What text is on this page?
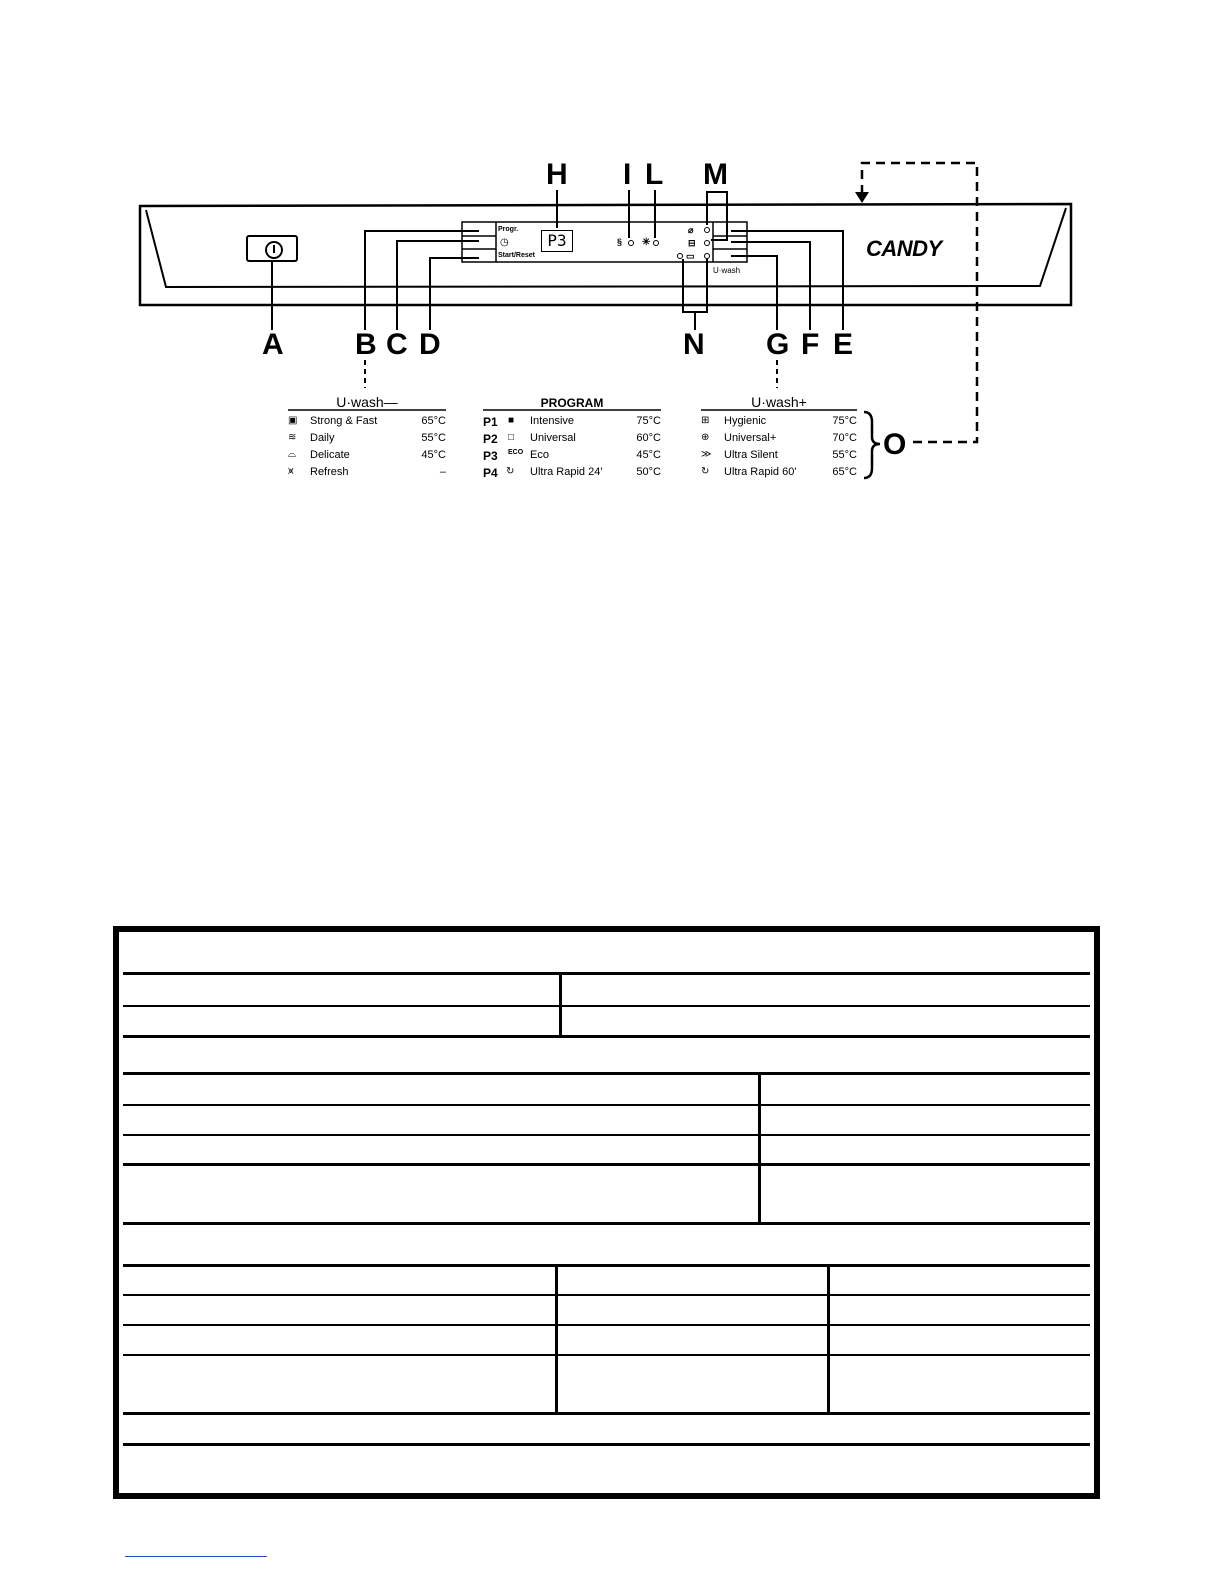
P3	CANDY
Progr.
◷
Start/Reset
U·wash
§ ✳
⌀
⊟
▭
A B C D	E
F
G
H I L M
N
O
U·wash—
▣	Strong & Fast	65°C
≋	Daily	55°C
⌓	Delicate	45°C
⩙	Refresh	–
PROGRAM
P1 ■	Intensive	75°C
P2 □	Universal	60°C
P3 ECO Eco	45°C
P4 ↻	Ultra Rapid 24'	50°C
U·wash+
⊞	Hygienic	75°C
⊕	Universal+	70°C
≫	Ultra Silent	55°C
↻	Ultra Rapid 60'	65°C
